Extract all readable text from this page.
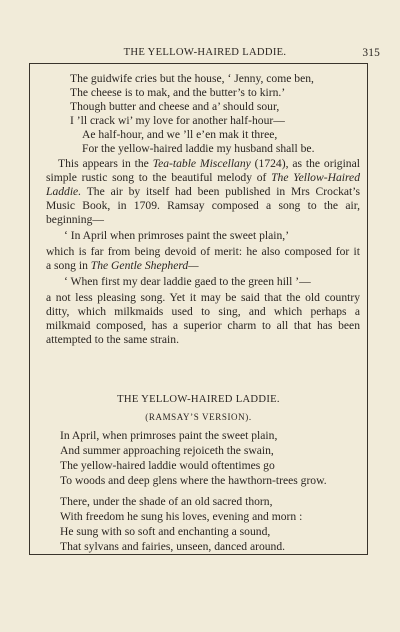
THE YELLOW-HAIRED LADDIE.	315
The guidwife cries but the house, ‘ Jenny, come ben,
The cheese is to mak, and the butter’s to kirn.’
Though butter and cheese and a’ should sour,
I ’ll crack wi’ my love for another half-hour—
Ae half-hour, and we ’ll e’en mak it three,
For the yellow-haired laddie my husband shall be.
This appears in the Tea-table Miscellany (1724), as the original
simple rustic song to the beautiful melody of The Yellow-Haired
Laddie. The air by itself had been published in Mrs Crockat’s
Music Book, in 1709. Ramsay composed a song to the air,
beginning—
‘ In April when primroses paint the sweet plain,’
which is far from being devoid of merit: he also composed for it
a song in The Gentle Shepherd—
‘ When first my dear laddie gaed to the green hill ’—
a not less pleasing song. Yet it may be said that the old country
ditty, which milkmaids used to sing, and which perhaps a
milkmaid composed, has a superior charm to all that has been
attempted to the same strain.
THE YELLOW-HAIRED LADDIE.
(RAMSAY’S VERSION).
In April, when primroses paint the sweet plain,
And summer approaching rejoiceth the swain,
The yellow-haired laddie would oftentimes go
To woods and deep glens where the hawthorn-trees grow.
There, under the shade of an old sacred thorn,
With freedom he sung his loves, evening and morn :
He sung with so soft and enchanting a sound,
That sylvans and fairies, unseen, danced around.
